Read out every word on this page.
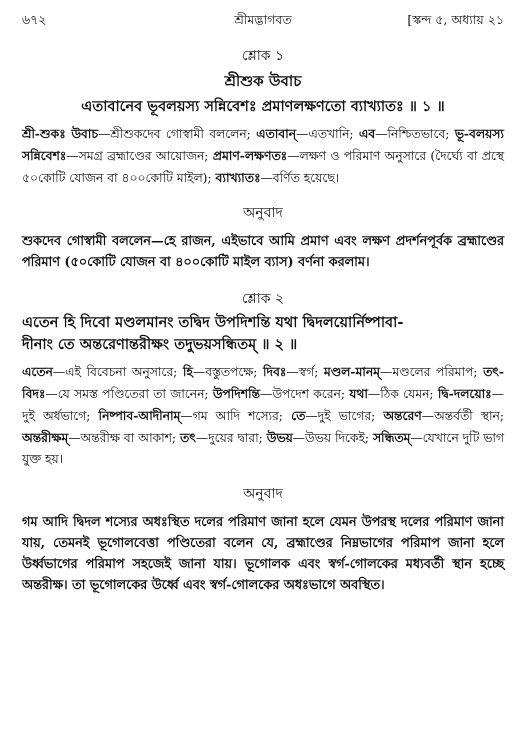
৬৭২	শ্রীমদ্ভাগবত	[স্কন্দ ৫, অধ্যায় ২১
শ্লোক ১
শ্রীশুক উবাচ
এতাবানেব ভূবলয়স্য সন্নিবেশঃ প্রমাণলক্ষণতো ব্যাখ্যাতঃ ॥ ১ ॥
শ্রী-শুকঃ উবাচ—শ্রীশুকদেব গোস্বামী বললেন; এতাবান্—এতখানি; এব—নিশ্চিতভাবে; ভূ-বলয়স্য সন্নিবেশঃ—সমগ্র ব্রহ্মাণ্ডের আয়োজন; প্রমাণ-লক্ষণতঃ—লক্ষণ ও পরিমাণ অনুসারে (দৈর্ঘ্যে বা প্রস্থে ৫০কোটি যোজন বা ৪০০কোটি মাইল); ব্যাখ্যাতঃ—বর্ণিত হয়েছে।
অনুবাদ
শুকদেব গোস্বামী বললেন—হে রাজন, এইভাবে আমি প্রমাণ এবং লক্ষণ প্রদর্শনপূর্বক ব্রহ্মাণ্ডের পরিমাণ (৫০কোটি যোজন বা ৪০০কোটি মাইল ব্যাস) বর্ণনা করলাম।
শ্লোক ২
এতেন হি দিবো মণ্ডলমানং তদ্বিদ উপদিশন্তি যথা দ্বিদলয়োর্নিষ্পাবা-
দীনাং তে অন্তরেণান্তরীক্ষং তদুভয়সন্ধিতম্ ॥ ২ ॥
এতেন—এই বিবেচনা অনুসারে; হি—বস্তুতপক্ষে; দিবঃ—স্বর্গ; মণ্ডল-মানম্—মণ্ডলের পরিমাপ; তৎ-বিদঃ—যে সমস্ত পণ্ডিতেরা তা জানেন; উপদিশন্তি—উপদেশ করেন; যথা—ঠিক যেমন; দ্বি-দলয়োঃ—দুই অর্ধভাগে; নিষ্পাব-আদীনাম্—গম আদি শস্যের; তে—দুই ভাগের; অন্তরেণ—অন্তর্বর্তী স্থান; অন্তরীক্ষম্—অন্তরীক্ষ বা আকাশ; তৎ—দুয়ের দ্বারা; উভয়—উভয় দিকেই; সন্ধিতম্—যেখানে দুটি ভাগ যুক্ত হয়।
অনুবাদ
গম আদি দ্বিদল শস্যের অধঃস্থিত দলের পরিমাণ জানা হলে যেমন উপরস্থ দলের পরিমাণ জানা যায়, তেমনই ভূগোলবেত্তা পণ্ডিতেরা বলেন যে, ব্রহ্মাণ্ডের নিম্নভাগের পরিমাপ জানা হলে উর্ধ্বভাগের পরিমাপ সহজেই জানা যায়। ভূগোলক এবং স্বর্গ-গোলকের মধ্যবর্তী স্থান হচ্ছে অন্তরীক্ষ। তা ভূগোলকের উর্ধ্বে এবং স্বর্গ-গোলকের অধঃভাগে অবস্থিত।
